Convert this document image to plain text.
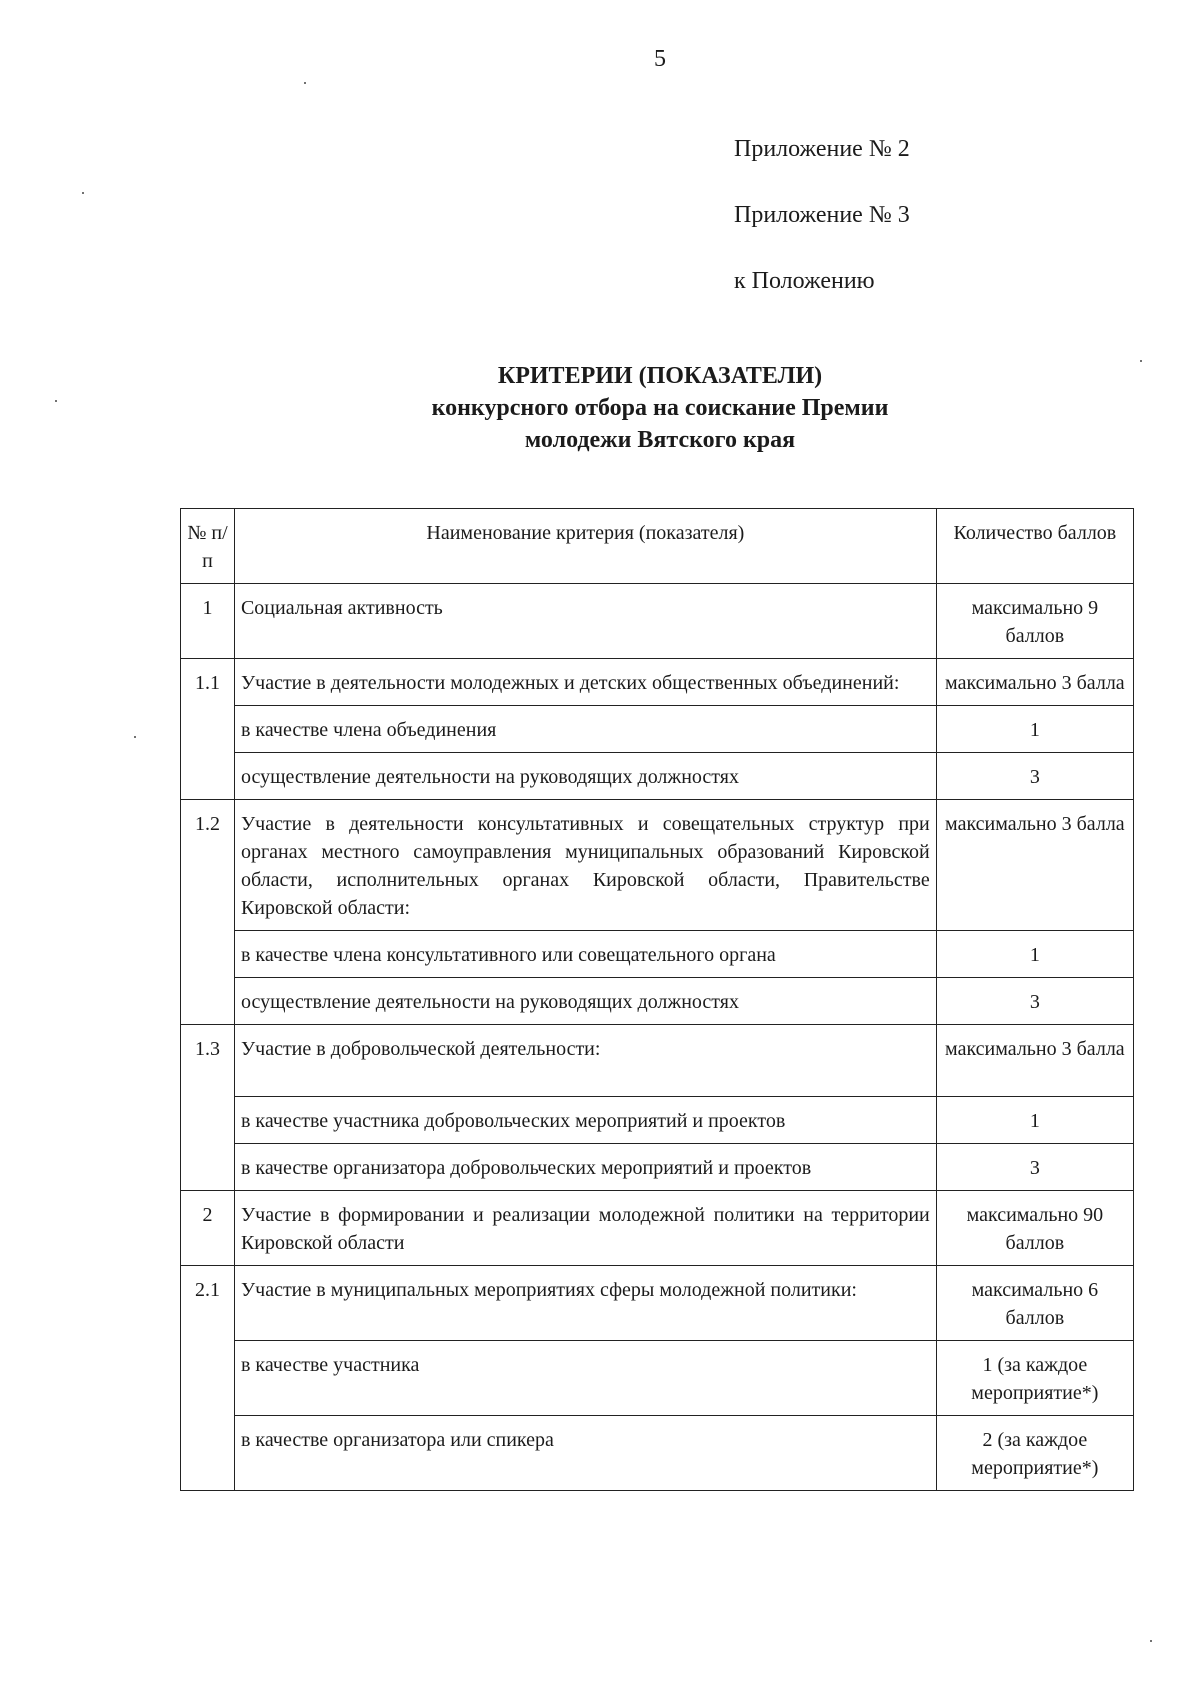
5
Приложение № 2
Приложение № 3
к Положению
КРИТЕРИИ (ПОКАЗАТЕЛИ)
конкурсного отбора на соискание Премии
молодежи Вятского края
№ п/п	Наименование критерия (показателя)	Количество баллов
1	Социальная активность	максимально 9 баллов
1.1	Участие в деятельности молодежных и детских общественных объединений:	максимально 3 балла
	в качестве члена объединения	1
	осуществление деятельности на руководящих должностях	3
1.2	Участие в деятельности консультативных и совещательных структур при органах местного самоуправления муниципальных образований Кировской области, исполнительных органах Кировской области, Правительстве Кировской области:	максимально 3 балла
	в качестве члена консультативного или совещательного органа	1
	осуществление деятельности на руководящих должностях	3
1.3	Участие в добровольческой деятельности:	максимально 3 балла
	в качестве участника добровольческих мероприятий и проектов	1
	в качестве организатора добровольческих мероприятий и проектов	3
2	Участие в формировании и реализации молодежной политики на территории Кировской области	максимально 90 баллов
2.1	Участие в муниципальных мероприятиях сферы молодежной политики:	максимально 6 баллов
	в качестве участника	1 (за каждое мероприятие*)
	в качестве организатора или спикера	2 (за каждое мероприятие*)
